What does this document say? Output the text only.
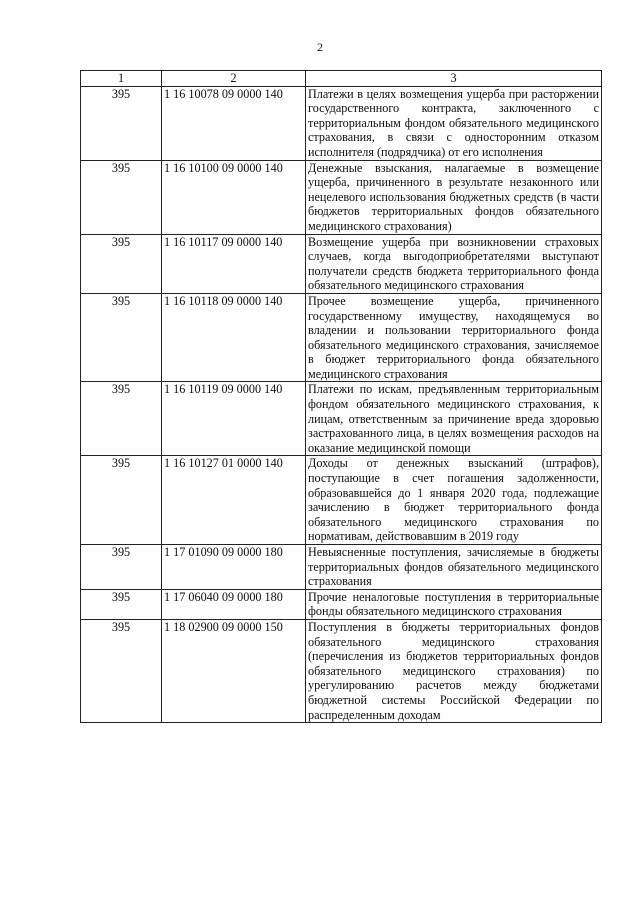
2
1	2	3
395	1 16 10078 09 0000 140	Платежи в целях возмещения ущерба при расторжении государственного контракта, заключенного с территориальным фондом обязательного медицинского страхования, в связи с односторонним отказом исполнителя (подрядчика) от его исполнения
395	1 16 10100 09 0000 140	Денежные взыскания, налагаемые в возмещение ущерба, причиненного в результате незаконного или нецелевого использования бюджетных средств (в части бюджетов территориальных фондов обязательного медицинского страхования)
395	1 16 10117 09 0000 140	Возмещение ущерба при возникновении страховых случаев, когда выгодоприобретателями выступают получатели средств бюджета территориального фонда обязательного медицинского страхования
395	1 16 10118 09 0000 140	Прочее возмещение ущерба, причиненного государственному имуществу, находящемуся во владении и пользовании территориального фонда обязательного медицинского страхования, зачисляемое в бюджет территориального фонда обязательного медицинского страхования
395	1 16 10119 09 0000 140	Платежи по искам, предъявленным территориальным фондом обязательного медицинского страхования, к лицам, ответственным за причинение вреда здоровью застрахованного лица, в целях возмещения расходов на оказание медицинской помощи
395	1 16 10127 01 0000 140	Доходы от денежных взысканий (штрафов), поступающие в счет погашения задолженности, образовавшейся до 1 января 2020 года, подлежащие зачислению в бюджет территориального фонда обязательного медицинского страхования по нормативам, действовавшим в 2019 году
395	1 17 01090 09 0000 180	Невыясненные поступления, зачисляемые в бюджеты территориальных фондов обязательного медицинского страхования
395	1 17 06040 09 0000 180	Прочие неналоговые поступления в территориальные фонды обязательного медицинского страхования
395	1 18 02900 09 0000 150	Поступления в бюджеты территориальных фондов обязательного медицинского страхования (перечисления из бюджетов территориальных фондов обязательного медицинского страхования) по урегулированию расчетов между бюджетами бюджетной системы Российской Федерации по распределенным доходам
